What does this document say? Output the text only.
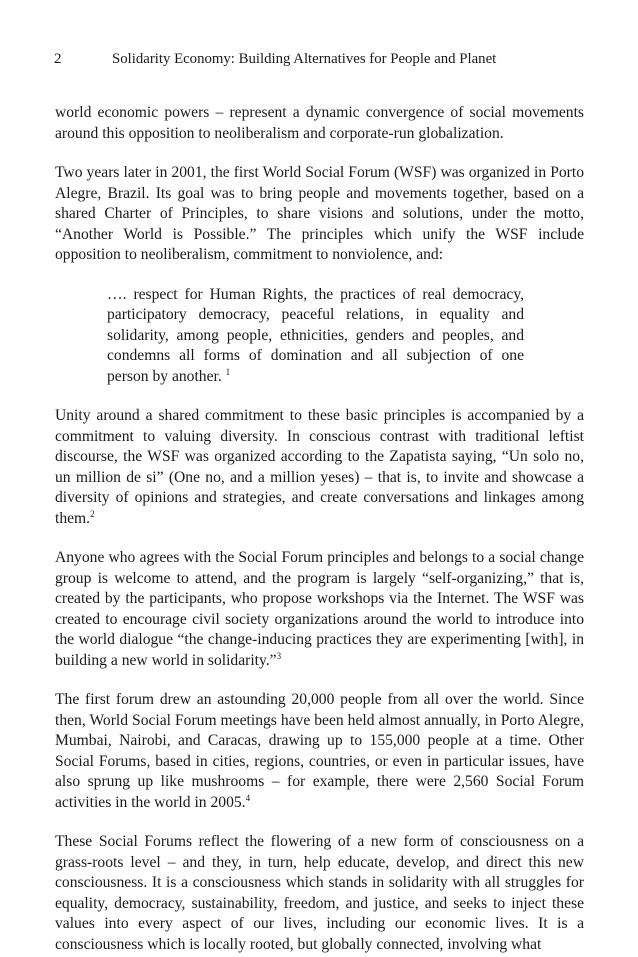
2	Solidarity Economy: Building Alternatives for People and Planet

world economic powers – represent a dynamic convergence of social movements around this opposition to neoliberalism and corporate-run globalization.

Two years later in 2001, the first World Social Forum (WSF) was organized in Porto Alegre, Brazil. Its goal was to bring people and movements together, based on a shared Charter of Principles, to share visions and solutions, under the motto, “Another World is Possible.” The principles which unify the WSF include opposition to neoliberalism, commitment to nonviolence, and:

…. respect for Human Rights, the practices of real democracy, participatory democracy, peaceful relations, in equality and solidarity, among people, ethnicities, genders and peoples, and condemns all forms of domination and all subjection of one person by another. $^1$

Unity around a shared commitment to these basic principles is accompanied by a commitment to valuing diversity. In conscious contrast with traditional leftist discourse, the WSF was organized according to the Zapatista saying, “Un solo no, un million de si” (One no, and a million yeses) – that is, to invite and showcase a diversity of opinions and strategies, and create conversations and linkages among them.$^2$

Anyone who agrees with the Social Forum principles and belongs to a social change group is welcome to attend, and the program is largely “self-organizing,” that is, created by the participants, who propose workshops via the Internet. The WSF was created to encourage civil society organizations around the world to introduce into the world dialogue “the change-inducing practices they are experimenting [with], in building a new world in solidarity.”$^3$

The first forum drew an astounding 20,000 people from all over the world. Since then, World Social Forum meetings have been held almost annually, in Porto Alegre, Mumbai, Nairobi, and Caracas, drawing up to 155,000 people at a time. Other Social Forums, based in cities, regions, countries, or even in particular issues, have also sprung up like mushrooms – for example, there were 2,560 Social Forum activities in the world in 2005.$^4$

These Social Forums reflect the flowering of a new form of consciousness on a grass-roots level – and they, in turn, help educate, develop, and direct this new consciousness. It is a consciousness which stands in solidarity with all struggles for equality, democracy, sustainability, freedom, and justice, and seeks to inject these values into every aspect of our lives, including our economic lives. It is a consciousness which is locally rooted, but globally connected, involving what
